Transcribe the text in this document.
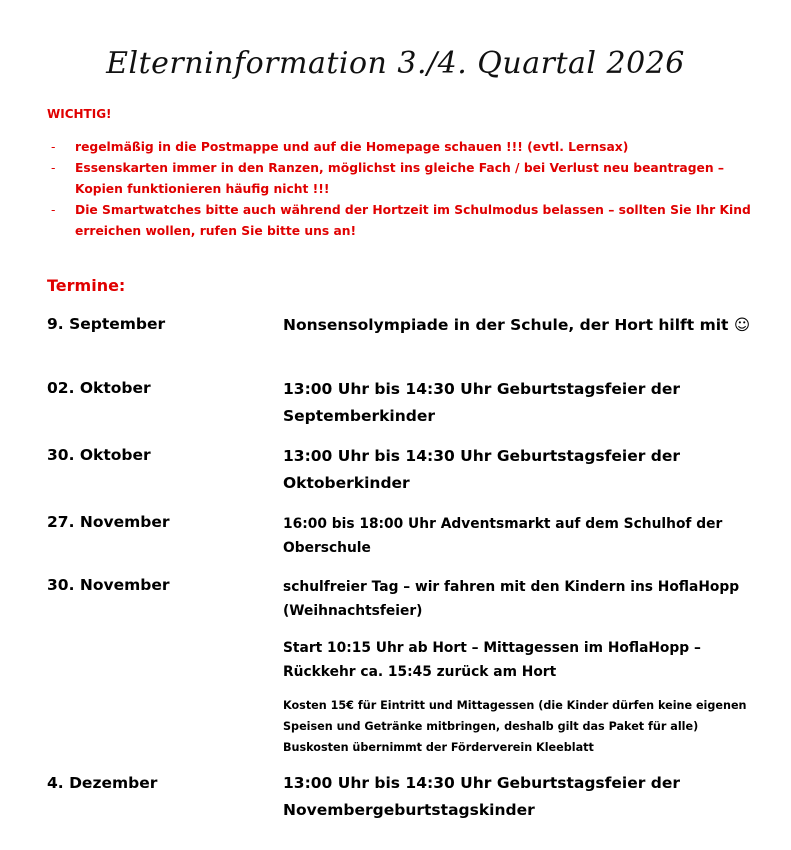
Elterninformation 3./4. Quartal 2026
WICHTIG!
- regelmäßig in die Postmappe und auf die Homepage schauen !!! (evtl. Lernsax)
- Essenskarten immer in den Ranzen, möglichst ins gleiche Fach / bei Verlust neu beantragen – Kopien funktionieren häufig nicht !!!
- Die Smartwatches bitte auch während der Hortzeit im Schulmodus belassen – sollten Sie Ihr Kind erreichen wollen, rufen Sie bitte uns an!
Termine:
9. September	Nonsensolympiade in der Schule, der Hort hilft mit ☺
02. Oktober	13:00 Uhr bis 14:30 Uhr Geburtstagsfeier der Septemberkinder
30. Oktober	13:00 Uhr bis 14:30 Uhr Geburtstagsfeier der Oktoberkinder
27. November	16:00 bis 18:00 Uhr Adventsmarkt auf dem Schulhof der Oberschule
30. November	schulfreier Tag – wir fahren mit den Kindern ins HoflaHopp (Weihnachtsfeier)
Start 10:15 Uhr ab Hort – Mittagessen im HoflaHopp – Rückkehr ca. 15:45 zurück am Hort
Kosten 15€ für Eintritt und Mittagessen (die Kinder dürfen keine eigenen Speisen und Getränke mitbringen, deshalb gilt das Paket für alle) Buskosten übernimmt der Förderverein Kleeblatt
4. Dezember	13:00 Uhr bis 14:30 Uhr Geburtstagsfeier der  Novembergeburtstagskinder
